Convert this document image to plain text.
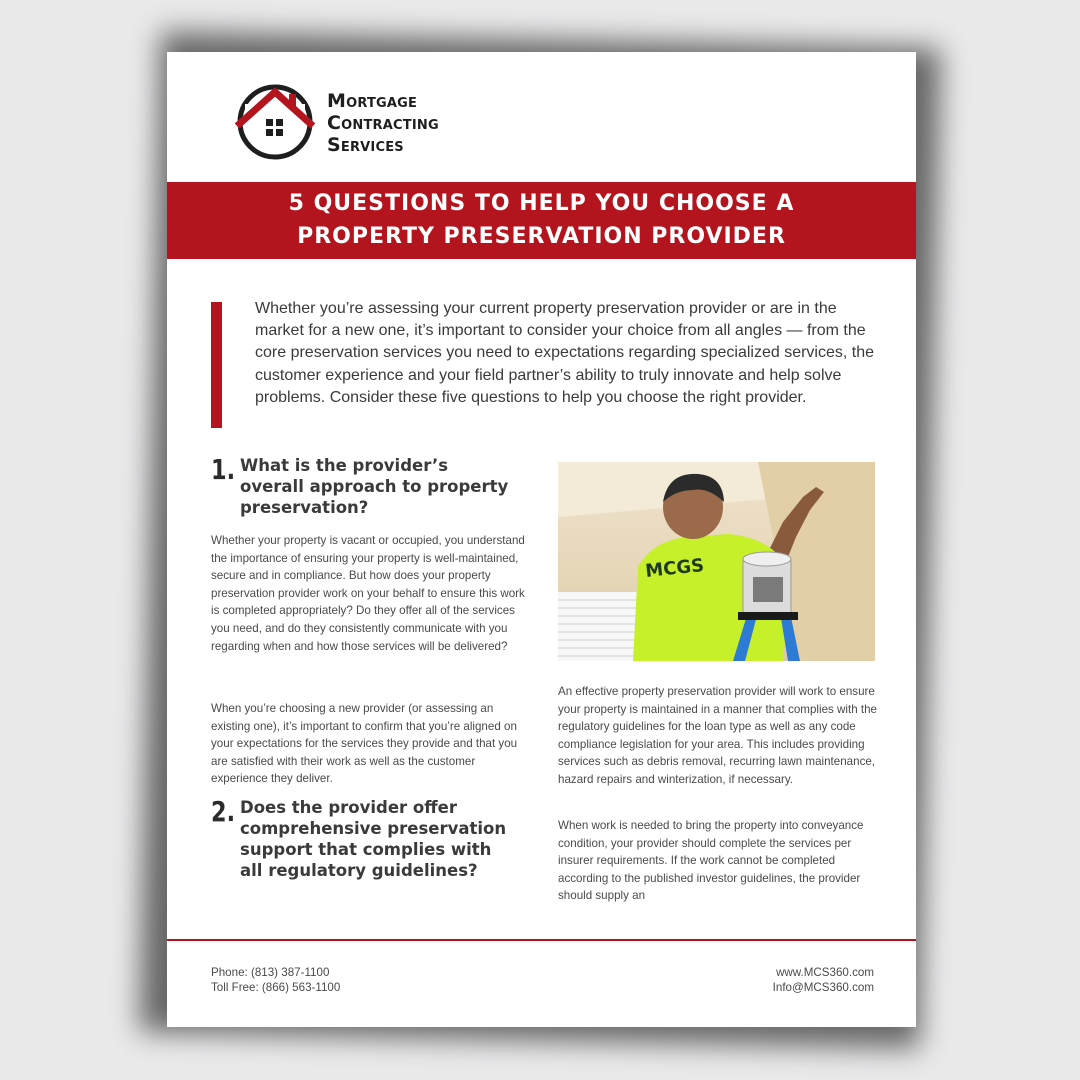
Mortgage
Contracting
Services
5 QUESTIONS TO HELP YOU CHOOSE A
PROPERTY PRESERVATION PROVIDER
Whether you’re assessing your current property preservation provider or are in the market for a new one, it’s important to consider your choice from all angles — from the core preservation services you need to expectations regarding specialized services, the customer experience and your field partner’s ability to truly innovate and help solve problems. Consider these five questions to help you choose the right provider.
1. What is the provider’s overall approach to property preservation?
Whether your property is vacant or occupied, you understand the importance of ensuring your property is well-maintained, secure and in compliance. But how does your property preservation provider work on your behalf to ensure this work is completed appropriately? Do they offer all of the services you need, and do they consistently communicate with you regarding when and how those services will be delivered?
When you’re choosing a new provider (or assessing an existing one), it’s important to confirm that you’re aligned on your expectations for the services they provide and that you are satisfied with their work as well as the customer experience they deliver.
2. Does the provider offer comprehensive preservation support that complies with all regulatory guidelines?
MCGS
An effective property preservation provider will work to ensure your property is maintained in a manner that complies with the regulatory guidelines for the loan type as well as any code compliance legislation for your area. This includes providing services such as debris removal, recurring lawn maintenance, hazard repairs and winterization, if necessary.
When work is needed to bring the property into conveyance condition, your provider should complete the services per insurer requirements. If the work cannot be completed according to the published investor guidelines, the provider should supply an
Phone: (813) 387-1100
Toll Free: (866) 563-1100
www.MCS360.com
Info@MCS360.com
